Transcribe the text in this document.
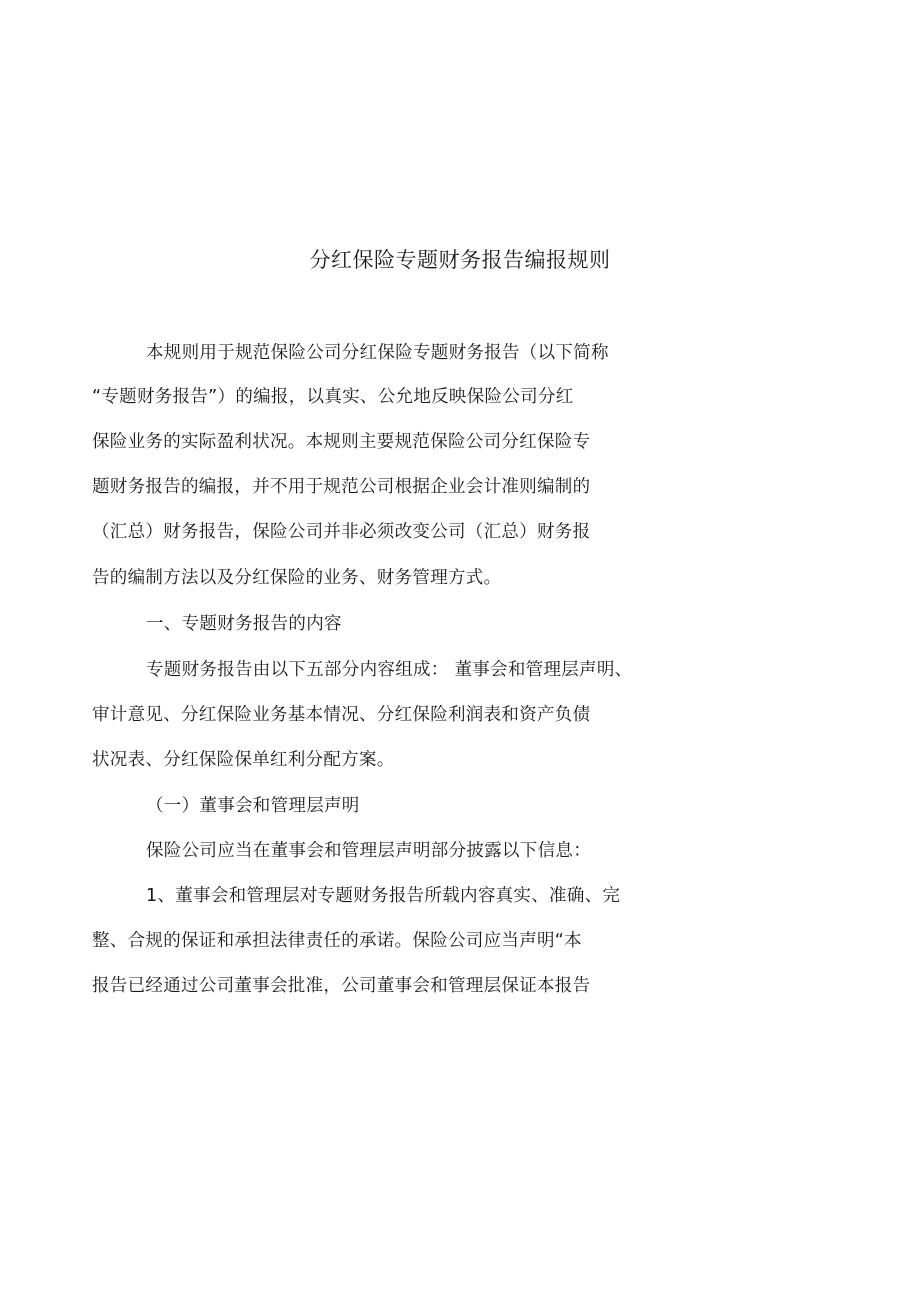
分红保险专题财务报告编报规则
本规则用于规范保险公司分红保险专题财务报告（以下简称
“专题财务报告”）的编报，以真实、公允地反映保险公司分红
保险业务的实际盈利状况。本规则主要规范保险公司分红保险专
题财务报告的编报，并不用于规范公司根据企业会计准则编制的
（汇总）财务报告，保险公司并非必须改变公司（汇总）财务报
告的编制方法以及分红保险的业务、财务管理方式。
一、专题财务报告的内容
专题财务报告由以下五部分内容组成： 董事会和管理层声明、
审计意见、分红保险业务基本情况、分红保险利润表和资产负债
状况表、分红保险保单红利分配方案。
（一）董事会和管理层声明
保险公司应当在董事会和管理层声明部分披露以下信息：
1、董事会和管理层对专题财务报告所载内容真实、准确、完
整、合规的保证和承担法律责任的承诺。保险公司应当声明“本
报告已经通过公司董事会批准，公司董事会和管理层保证本报告
